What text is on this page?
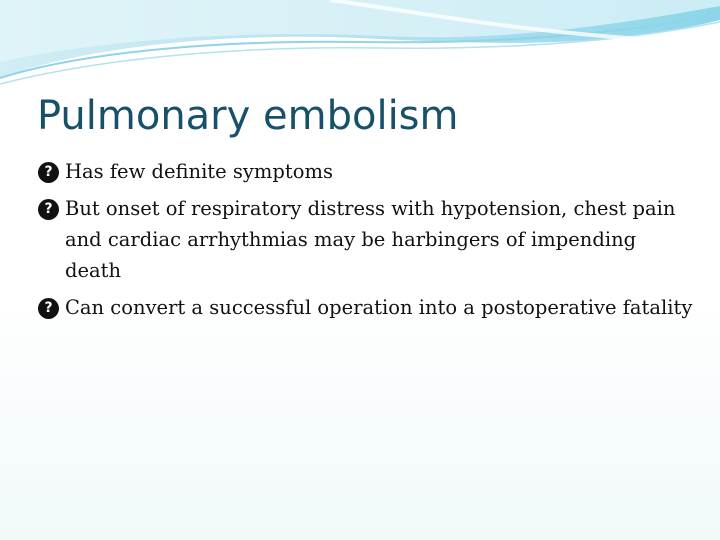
Pulmonary embolism
?
Has few definite symptoms
?
But onset of respiratory distress with hypotension, chest pain and cardiac arrhythmias may be harbingers of impending death
?
Can convert a successful operation into a postoperative fatality
